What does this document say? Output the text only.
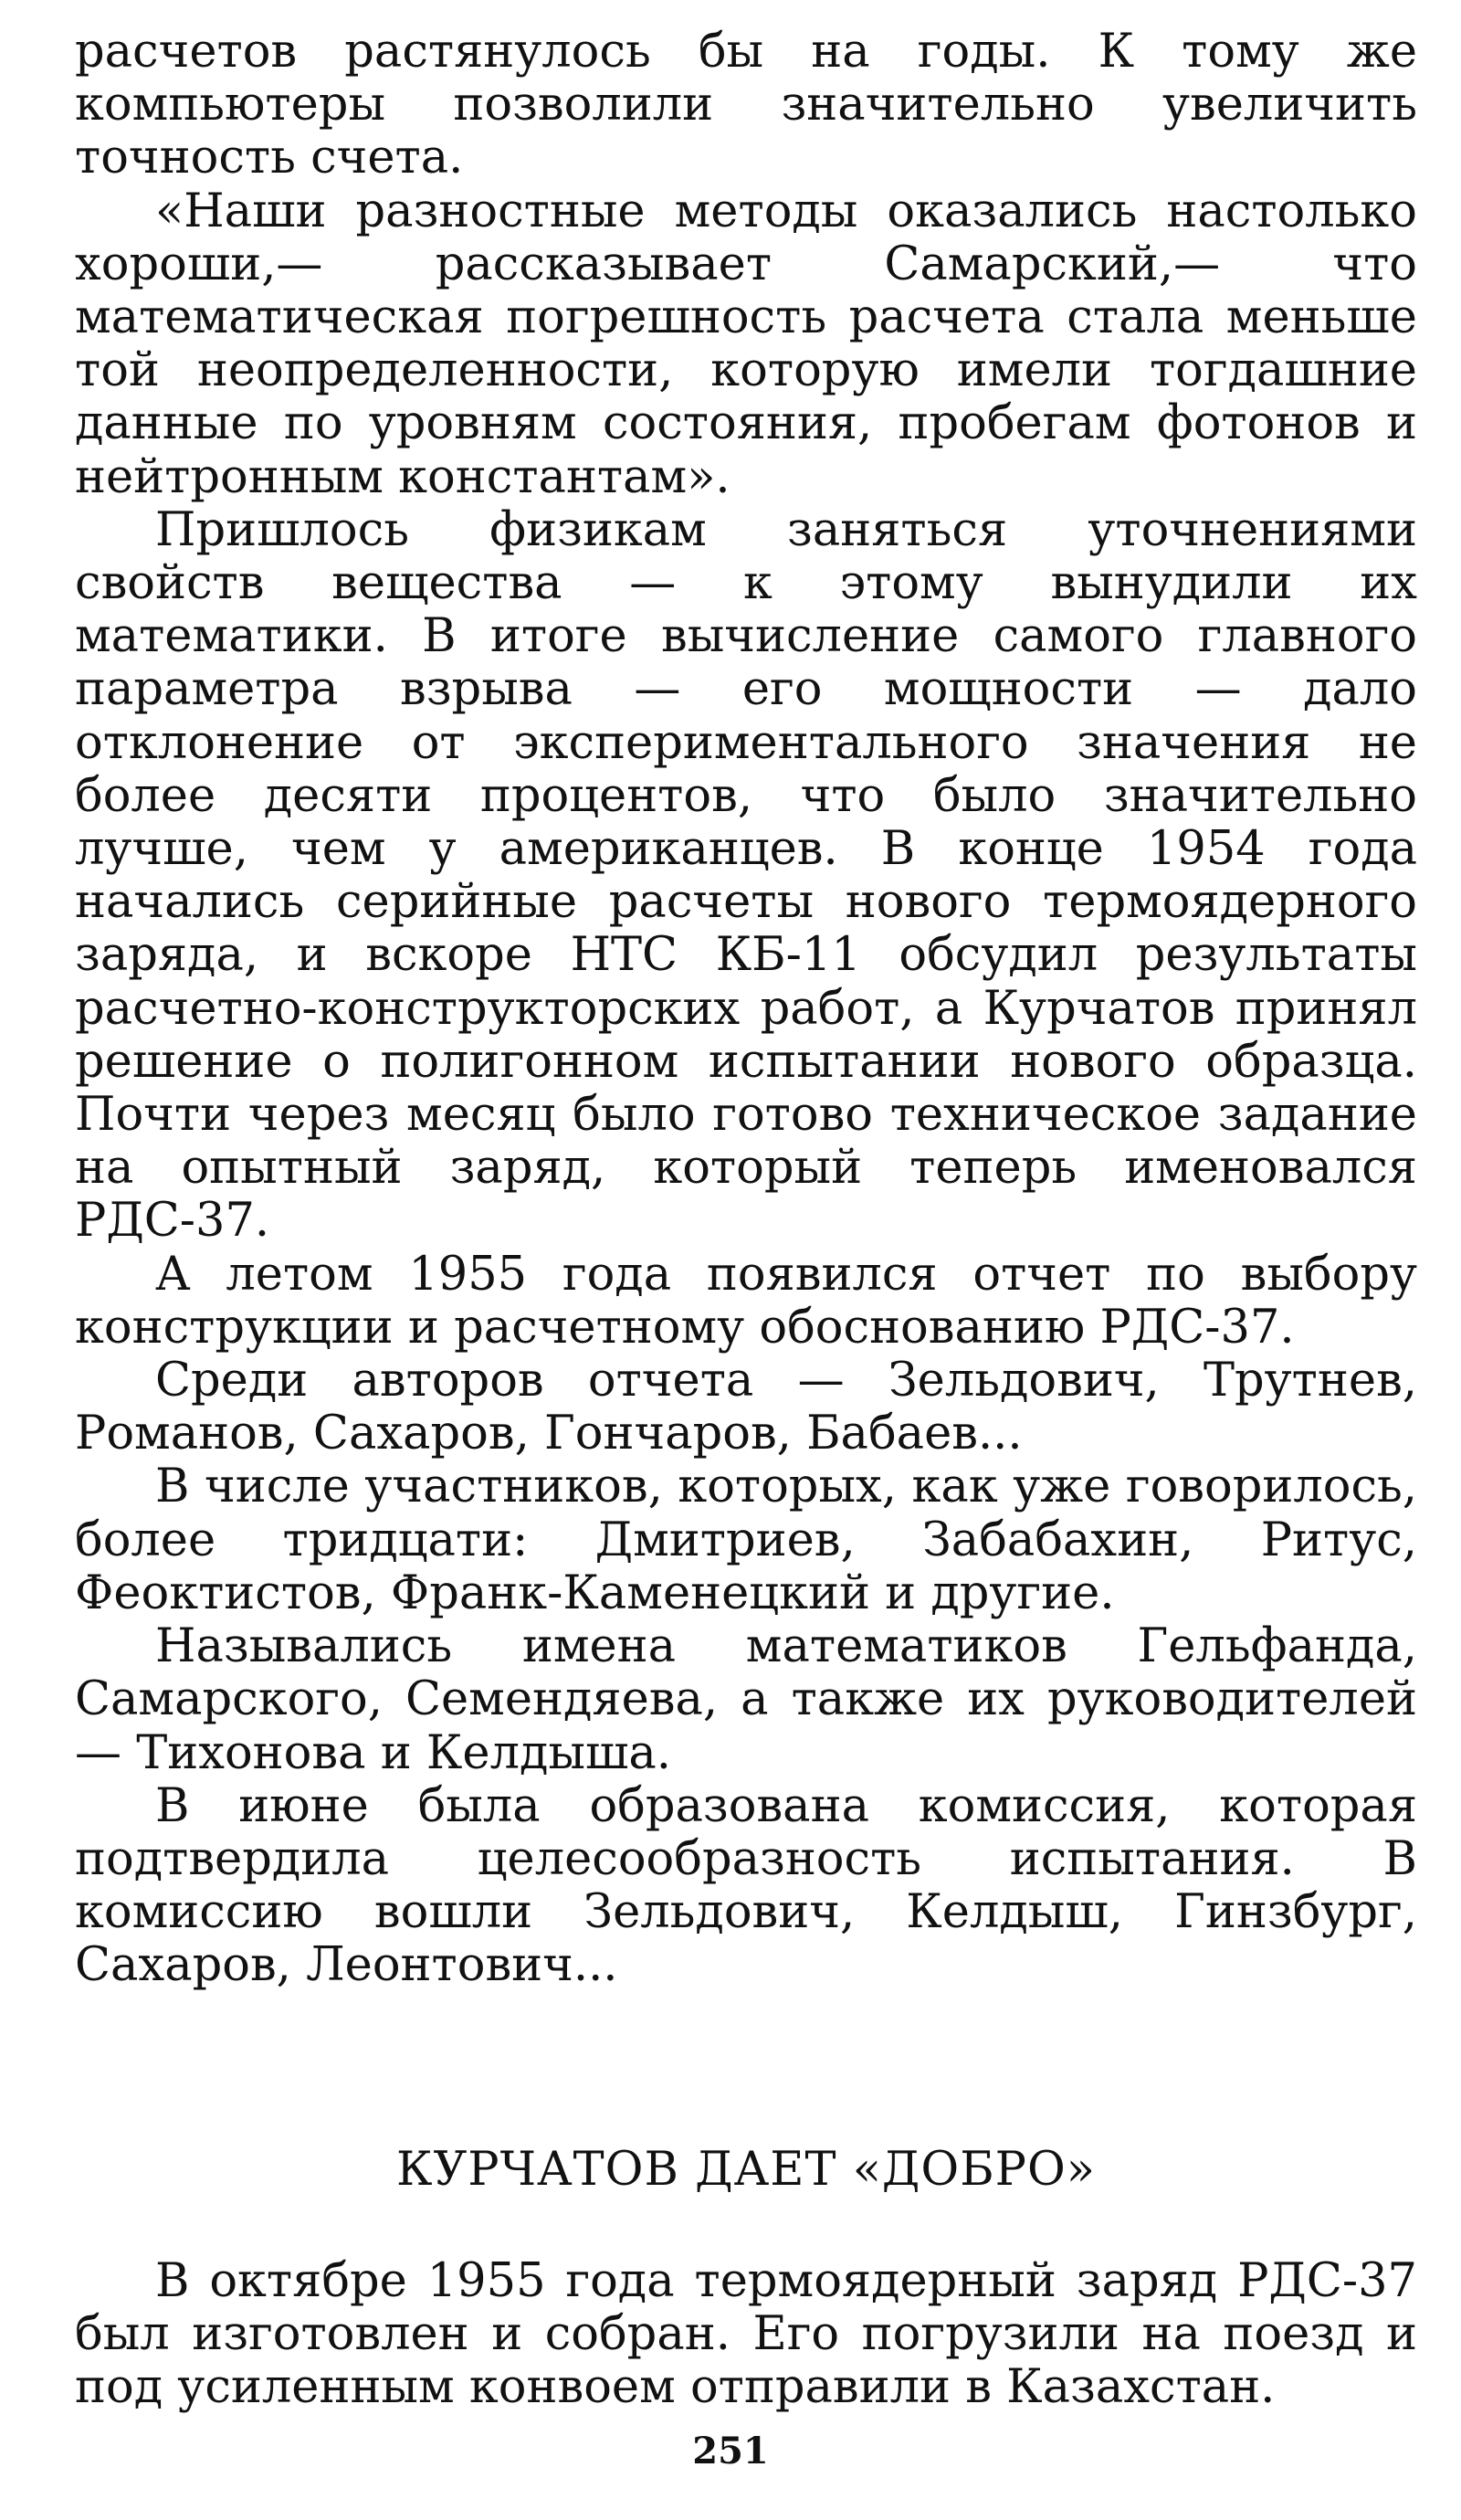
расчетов растянулось бы на годы. К тому же компьютеры позволили значительно увеличить точность счета.

«Наши разностные методы оказались настолько хороши,— рассказывает Самарский,— что математическая погрешность расчета стала меньше той неопределенности, которую имели тогдашние данные по уровням состояния, пробегам фотонов и нейтронным константам».

Пришлось физикам заняться уточнениями свойств вещества — к этому вынудили их математики. В итоге вычисление самого главного параметра взрыва — его мощности — дало отклонение от экспериментального значения не более десяти процентов, что было значительно лучше, чем у американцев. В конце 1954 года начались серийные расчеты нового термоядерного заряда, и вскоре НТС КБ-11 обсудил результаты расчетно-конструкторских работ, а Курчатов принял решение о полигонном испытании нового образца. Почти через месяц было готово техническое задание на опытный заряд, который теперь именовался РДС-37.

А летом 1955 года появился отчет по выбору конструкции и расчетному обоснованию РДС-37.

Среди авторов отчета — Зельдович, Трутнев, Романов, Сахаров, Гончаров, Бабаев...

В числе участников, которых, как уже говорилось, более тридцати: Дмитриев, Забабахин, Ритус, Феоктистов, Франк-Каменецкий и другие.

Назывались имена математиков Гельфанда, Самарского, Семендяева, а также их руководителей — Тихонова и Келдыша.

В июне была образована комиссия, которая подтвердила целесообразность испытания. В комиссию вошли Зельдович, Келдыш, Гинзбург, Сахаров, Леонтович...

КУРЧАТОВ ДАЕТ «ДОБРО»

В октябре 1955 года термоядерный заряд РДС-37 был изготовлен и собран. Его погрузили на поезд и под усиленным конвоем отправили в Казахстан.

251
